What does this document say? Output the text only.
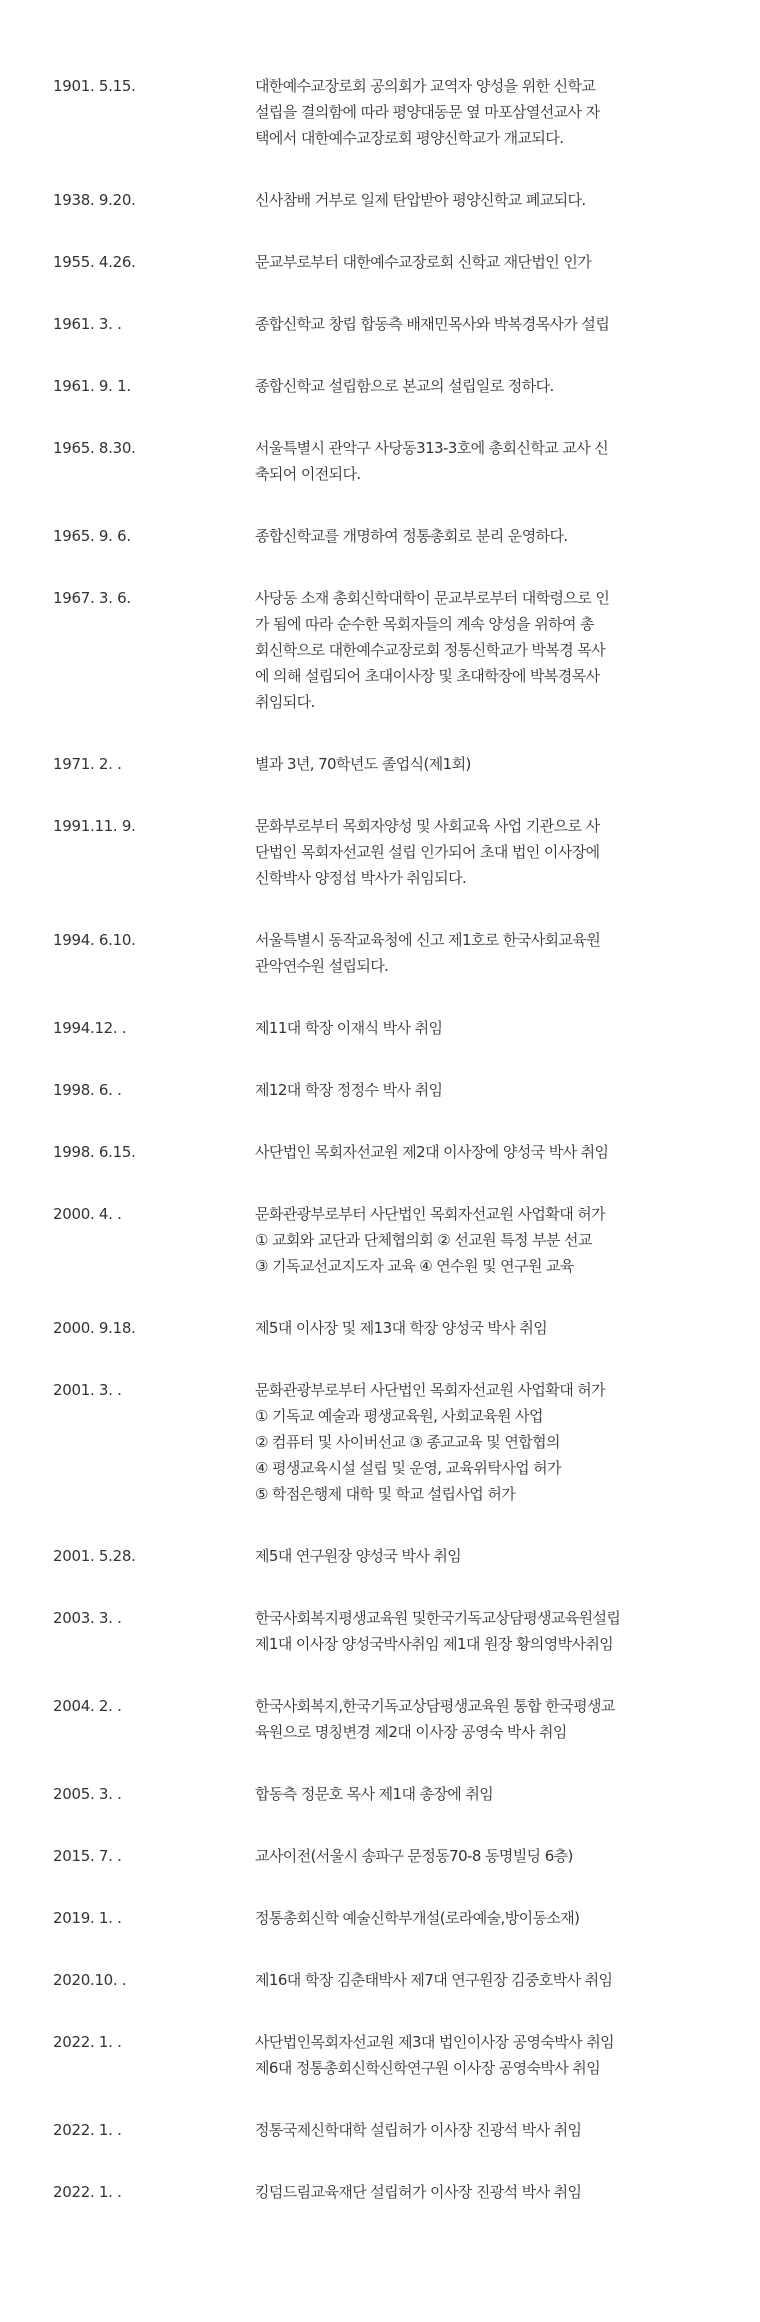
1901. 5.15.	대한예수교장로회 공의회가 교역자 양성을 위한 신학교
설립을 결의함에 따라 평양대동문 옆 마포삼열선교사 자
택에서 대한예수교장로회 평양신학교가 개교되다.
1938. 9.20.	신사참배 거부로 일제 탄압받아 평양신학교 폐교되다.
1955. 4.26.	문교부로부터 대한예수교장로회 신학교 재단법인 인가
1961. 3. .	종합신학교 창립 합동측 배재민목사와 박복경목사가 설립
1961. 9. 1.	종합신학교 설립함으로 본교의 설립일로 정하다.
1965. 8.30.	서울특별시 관악구 사당동313-3호에 총회신학교 교사 신
축되어 이전되다.
1965. 9. 6.	종합신학교를 개명하여 정통총회로 분리 운영하다.
1967. 3. 6.	사당동 소재 총회신학대학이 문교부로부터 대학령으로 인
가 됨에 따라 순수한 목회자들의 계속 양성을 위하여 총
회신학으로 대한예수교장로회 정통신학교가 박복경 목사
에 의해 설립되어 초대이사장 및 초대학장에 박복경목사
취임되다.
1971. 2. .	별과 3년, 70학년도 졸업식(제1회)
1991.11. 9.	문화부로부터 목회자양성 및 사회교육 사업 기관으로 사
단법인 목회자선교원 설립 인가되어 초대 법인 이사장에
신학박사 양정섭 박사가 취임되다.
1994. 6.10.	서울특별시 동작교육청에 신고 제1호로 한국사회교육원
관악연수원 설립되다.
1994.12. .	제11대 학장 이재식 박사 취임
1998. 6. .	제12대 학장 정정수 박사 취임
1998. 6.15.	사단법인 목회자선교원 제2대 이사장에 양성국 박사 취임
2000. 4. .	문화관광부로부터 사단법인 목회자선교원 사업확대 허가
① 교회와 교단과 단체협의회 ② 선교원 특정 부분 선교
③ 기독교선교지도자 교육 ④ 연수원 및 연구원 교육
2000. 9.18.	제5대 이사장 및 제13대 학장 양성국 박사 취임
2001. 3. .	문화관광부로부터 사단법인 목회자선교원 사업확대 허가
① 기독교 예술과 평생교육원, 사회교육원 사업
② 컴퓨터 및 사이버선교 ③ 종교교육 및 연합협의
④ 평생교육시설 설립 및 운영, 교육위탁사업 허가
⑤ 학점은행제 대학 및 학교 설립사업 허가
2001. 5.28.	제5대 연구원장 양성국 박사 취임
2003. 3. .	한국사회복지평생교육원 및한국기독교상담평생교육원설립
제1대 이사장 양성국박사취임 제1대 원장 황의영박사취임
2004. 2. .	한국사회복지,한국기독교상담평생교육원 통합 한국평생교
육원으로 명칭변경 제2대 이사장 공영숙 박사 취임
2005. 3. .	합동측 정문호 목사 제1대 총장에 취임
2015. 7. .	교사이전(서울시 송파구 문정동70-8 동명빌딩 6층)
2019. 1. .	정통총회신학 예술신학부개설(로라예술,방이동소재)
2020.10. .	제16대 학장 김춘태박사 제7대 연구원장 김중호박사 취임
2022. 1. .	사단법인목회자선교원 제3대 법인이사장 공영숙박사 취임
제6대 정통총회신학신학연구원 이사장 공영숙박사 취임
2022. 1. .	정통국제신학대학 설립허가 이사장 진광석 박사 취임
2022. 1. .	킹덤드림교육재단 설립허가 이사장 진광석 박사 취임
